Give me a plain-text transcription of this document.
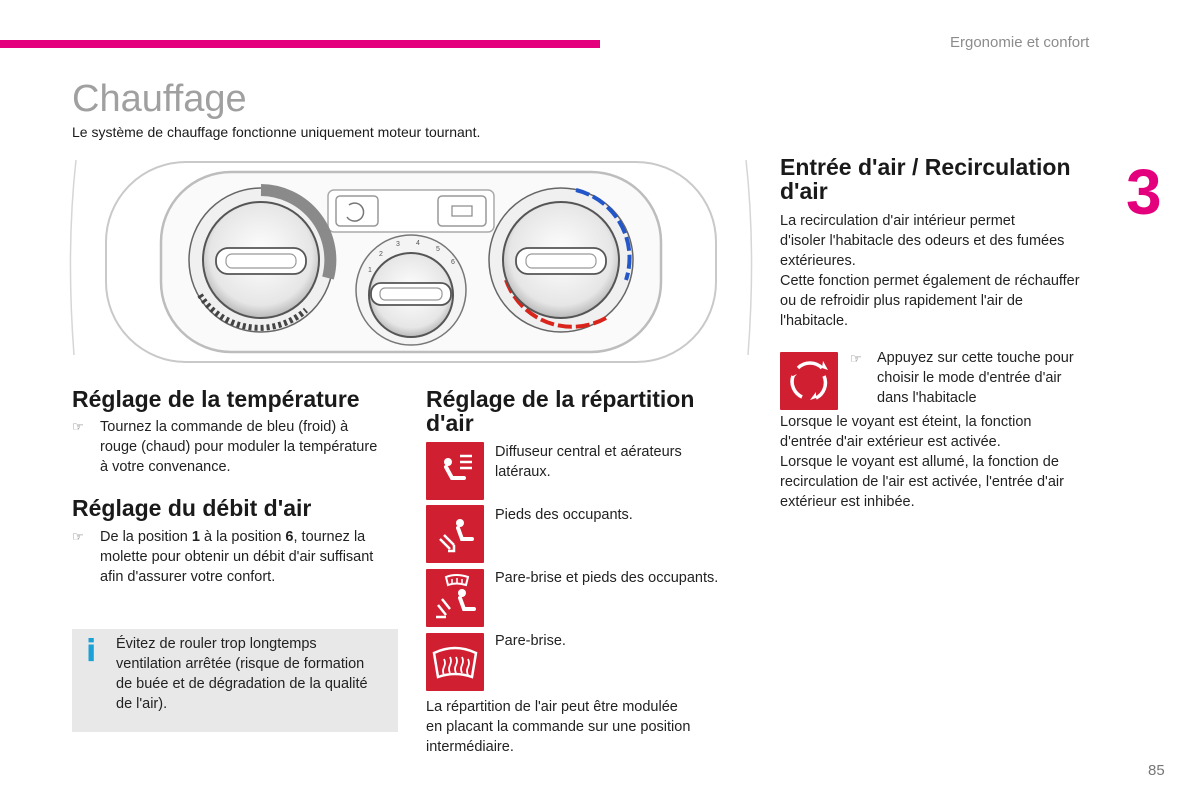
Ergonomie et confort
3
Chauffage
Le système de chauffage fonctionne uniquement moteur tournant.
1
2
3 4
5
6
Réglage de la température
☞ Tournez la commande de bleu (froid) à
rouge (chaud) pour moduler la température
à votre convenance.
Réglage du débit d'air
☞ De la position 1 à la position 6, tournez la
molette pour obtenir un débit d'air suffisant
afin d'assurer votre confort.
i Évitez de rouler trop longtemps
ventilation arrêtée (risque de formation
de buée et de dégradation de la qualité
de l'air).
Réglage de la répartition
d'air
Diffuseur central et aérateurs
latéraux.
Pieds des occupants.
Pare-brise et pieds des occupants.
Pare-brise.
La répartition de l'air peut être modulée
en placant la commande sur une position
intermédiaire.
Entrée d'air / Recirculation
d'air
La recirculation d'air intérieur permet
d'isoler l'habitacle des odeurs et des fumées
extérieures.
Cette fonction permet également de réchauffer
ou de refroidir plus rapidement l'air de
l'habitacle.
☞ Appuyez sur cette touche pour
choisir le mode d'entrée d'air
dans l'habitacle
Lorsque le voyant est éteint, la fonction
d'entrée d'air extérieur est activée.
Lorsque le voyant est allumé, la fonction de
recirculation de l'air est activée, l'entrée d'air
extérieur est inhibée.
85
